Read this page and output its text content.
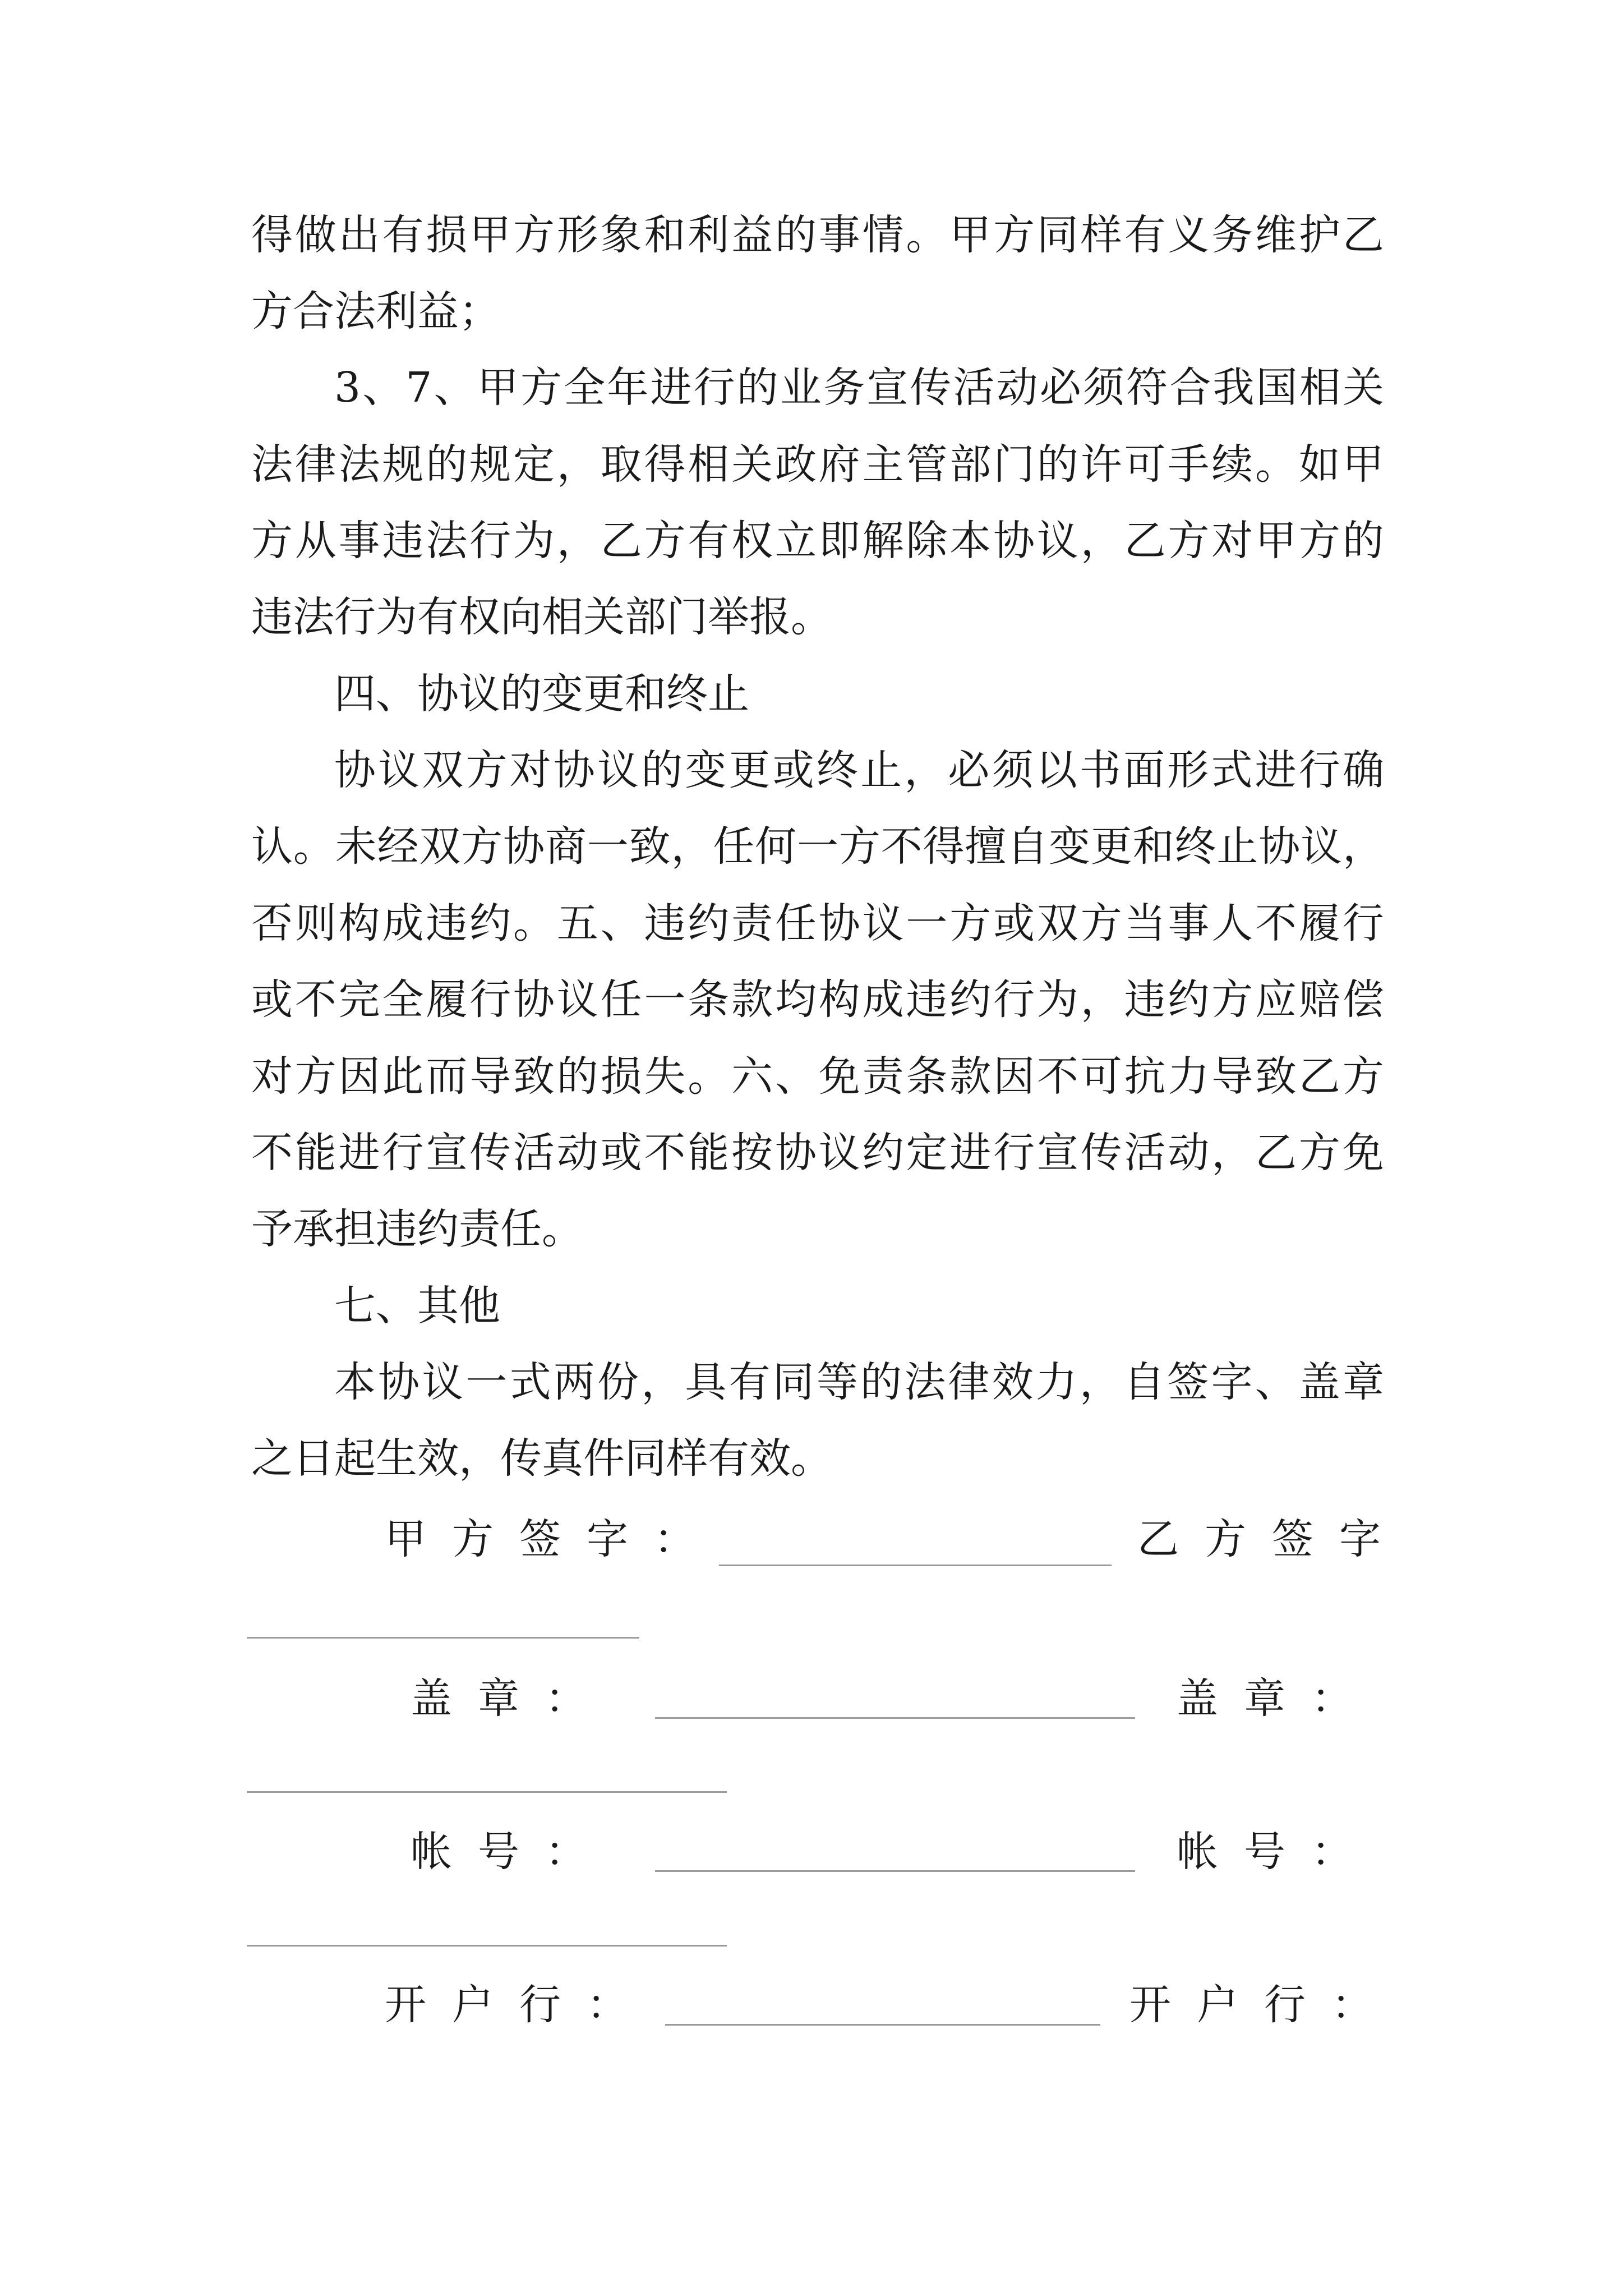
得 做 出 有 损 甲 方 形 象 和 利 益 的 事 情 。 甲 方 同 样 有 义 务 维 护 乙
方合法利益；
3 、 7 、 甲 方 全 年 进 行 的 业 务 宣 传 活 动 必 须 符 合 我 国 相 关
法 律 法 规 的 规 定 ， 取 得 相 关 政 府 主 管 部 门 的 许 可 手 续 。 如 甲
方 从 事 违 法 行 为 ， 乙 方 有 权 立 即 解 除 本 协 议 ， 乙 方 对 甲 方 的
违法行为有权向相关部门举报。
四、协议的变更和终止
协 议 双 方 对 协 议 的 变 更 或 终 止 ， 必 须 以 书 面 形 式 进 行 确
认 。 未 经 双 方 协 商 一 致 ， 任 何 一 方 不 得 擅 自 变 更 和 终 止 协 议 ，
否 则 构 成 违 约 。 五 、 违 约 责 任 协 议 一 方 或 双 方 当 事 人 不 履 行
或 不 完 全 履 行 协 议 任 一 条 款 均 构 成 违 约 行 为 ， 违 约 方 应 赔 偿
对 方 因 此 而 导 致 的 损 失 。 六 、 免 责 条 款 因 不 可 抗 力 导 致 乙 方
不 能 进 行 宣 传 活 动 或 不 能 按 协 议 约 定 进 行 宣 传 活 动 ， 乙 方 免
予承担违约责任。
七、其他
本 协 议 一 式 两 份 ， 具 有 同 等 的 法 律 效 力 ， 自 签 字 、 盖 章
之日起生效，传真件同样有效。
甲方签字：	乙方签字
盖章：	盖章：
帐号：	帐号：
开户行：	开户行：
